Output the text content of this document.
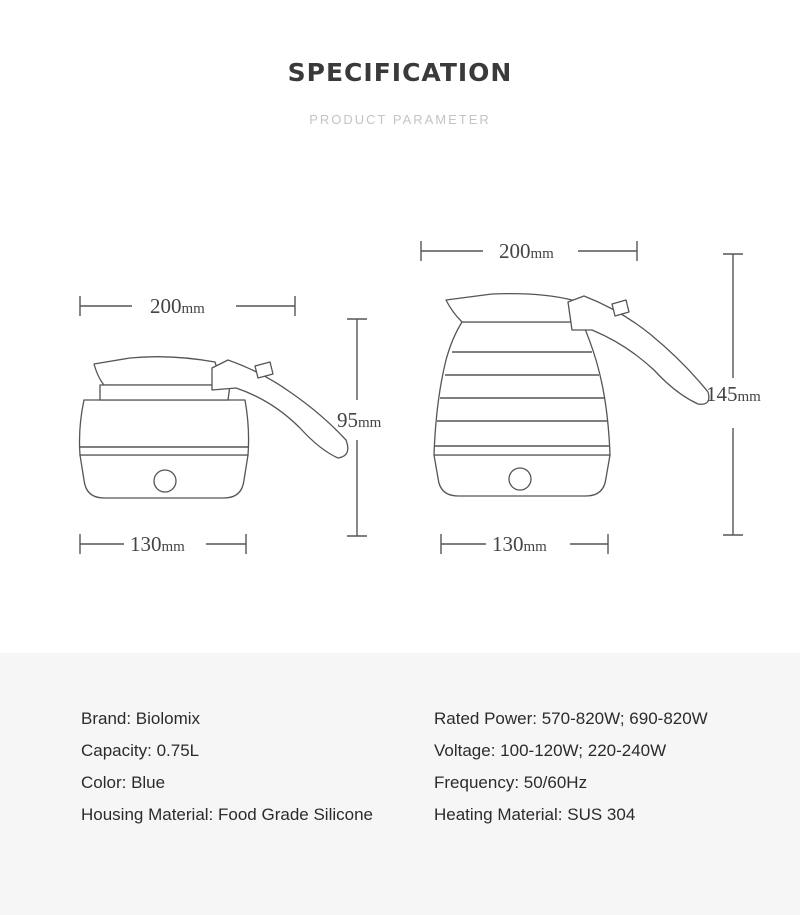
SPECIFICATION
PRODUCT PARAMETER
200mm
95mm
130mm
200mm
145mm
130mm
Brand: Biolomix
Capacity: 0.75L
Color: Blue
Housing Material: Food Grade Silicone
Rated Power: 570-820W; 690-820W
Voltage: 100-120W; 220-240W
Frequency: 50/60Hz
Heating Material: SUS 304
